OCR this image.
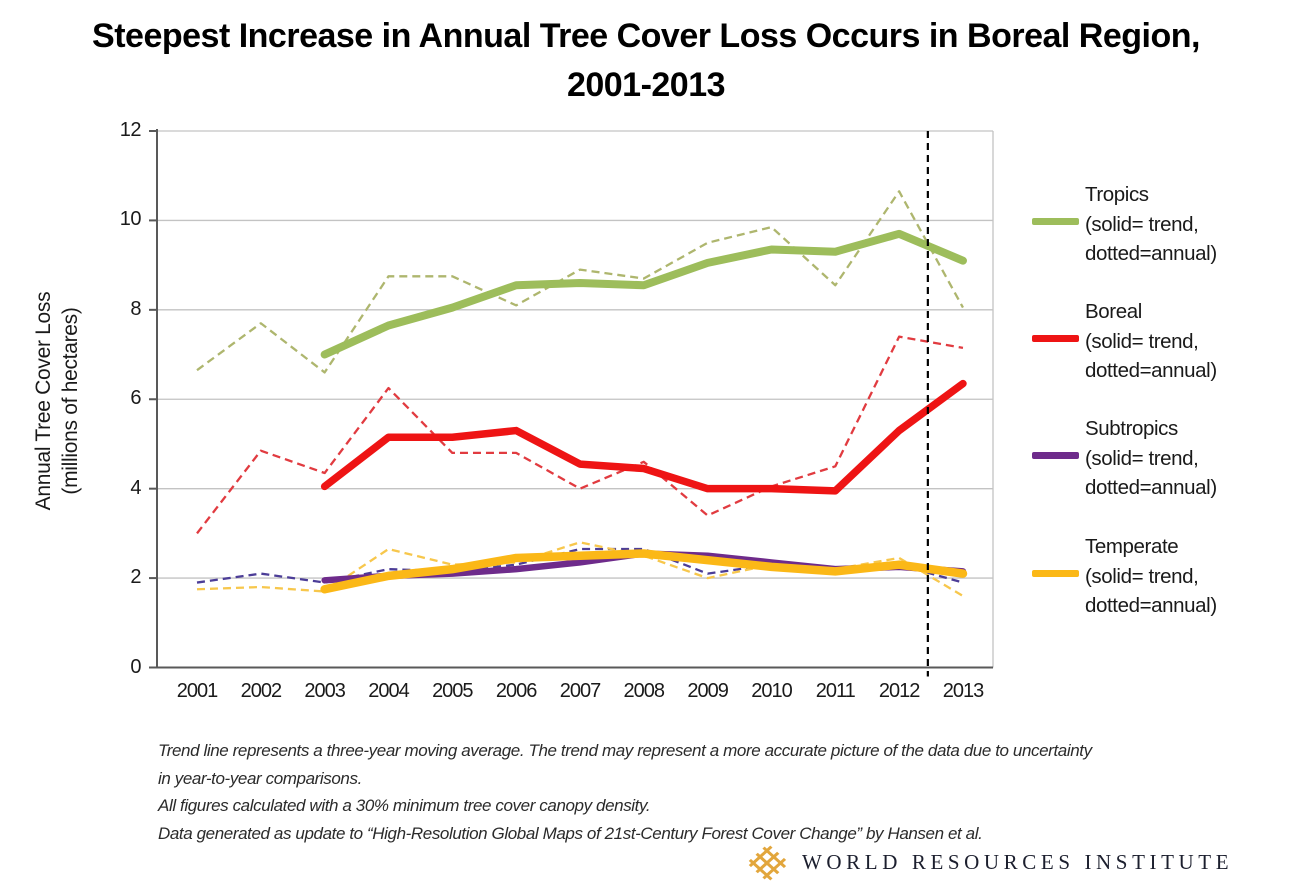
Steepest Increase in Annual Tree Cover Loss Occurs in Boreal Region,
2001-2013
Annual Tree Cover Loss (millions of hectares)
0
2
4
6
8
10
12
2001	2002	2003	2004	2005	2006	2007	2008	2009	2010	2011	2012	2013
Tropics
(solid= trend,
dotted=annual)
Boreal
(solid= trend,
dotted=annual)
Subtropics
(solid= trend,
dotted=annual)
Temperate
(solid= trend,
dotted=annual)
Trend line represents a three-year moving average. The trend may represent a more accurate picture of the data due to uncertainty
in year-to-year comparisons.
All figures calculated with a 30% minimum tree cover canopy density.
Data generated as update to “High-Resolution Global Maps of 21st-Century Forest Cover Change” by Hansen et al.
WORLD RESOURCES INSTITUTE
